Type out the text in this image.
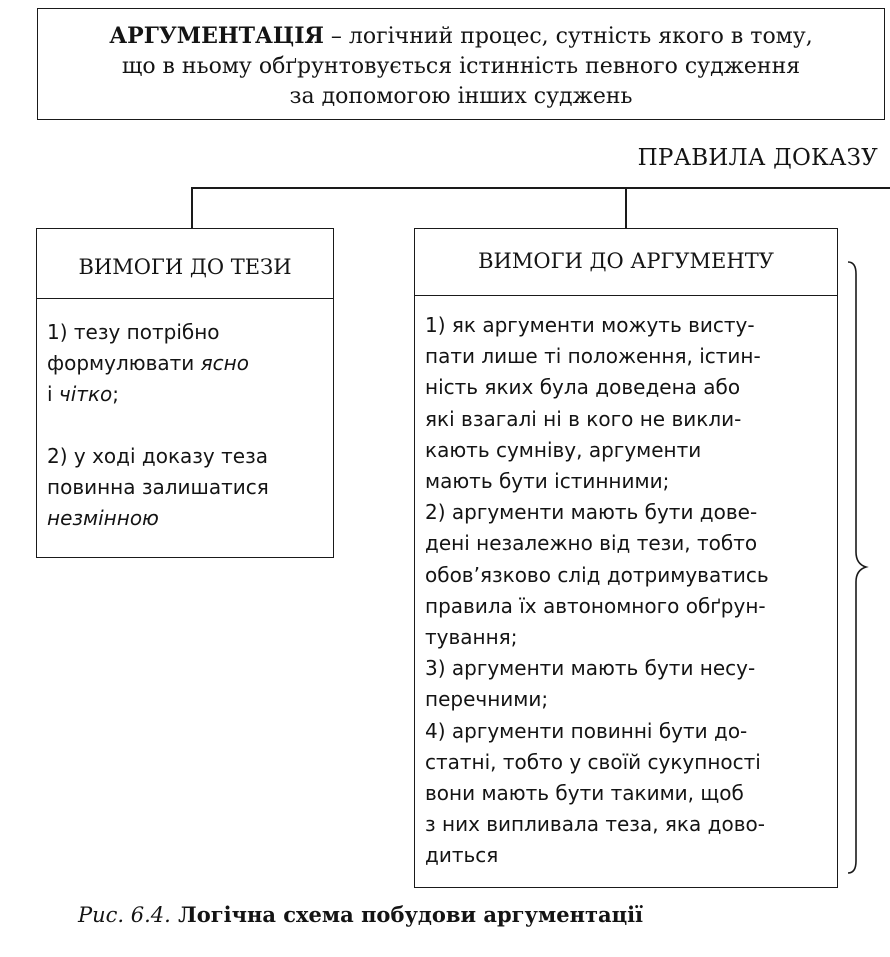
АРГУМЕНТАЦІЯ – логічний процес, сутність якого в тому,
що в ньому обґрунтовується істинність певного судження
за допомогою інших суджень
ПРАВИЛА ДОКАЗУ
ВИМОГИ ДО ТЕЗИ
1) тезу потрібно
формулювати ясно
і чітко;
2) у ході доказу теза
повинна залишатися
незмінною
ВИМОГИ ДО АРГУМЕНТУ
1) як аргументи можуть висту-
пати лише ті положення, істин-
ність яких була доведена або
які взагалі ні в кого не викли-
кають сумніву, аргументи
мають бути істинними;
2) аргументи мають бути дове-
дені незалежно від тези, тобто
обов’язково слід дотримуватись
правила їх автономного обґрун-
тування;
3) аргументи мають бути несу-
перечними;
4) аргументи повинні бути до-
статні, тобто у своїй сукупності
вони мають бути такими, щоб
з них випливала теза, яка дово-
диться
Рис. 6.4. Логічна схема побудови аргументації
